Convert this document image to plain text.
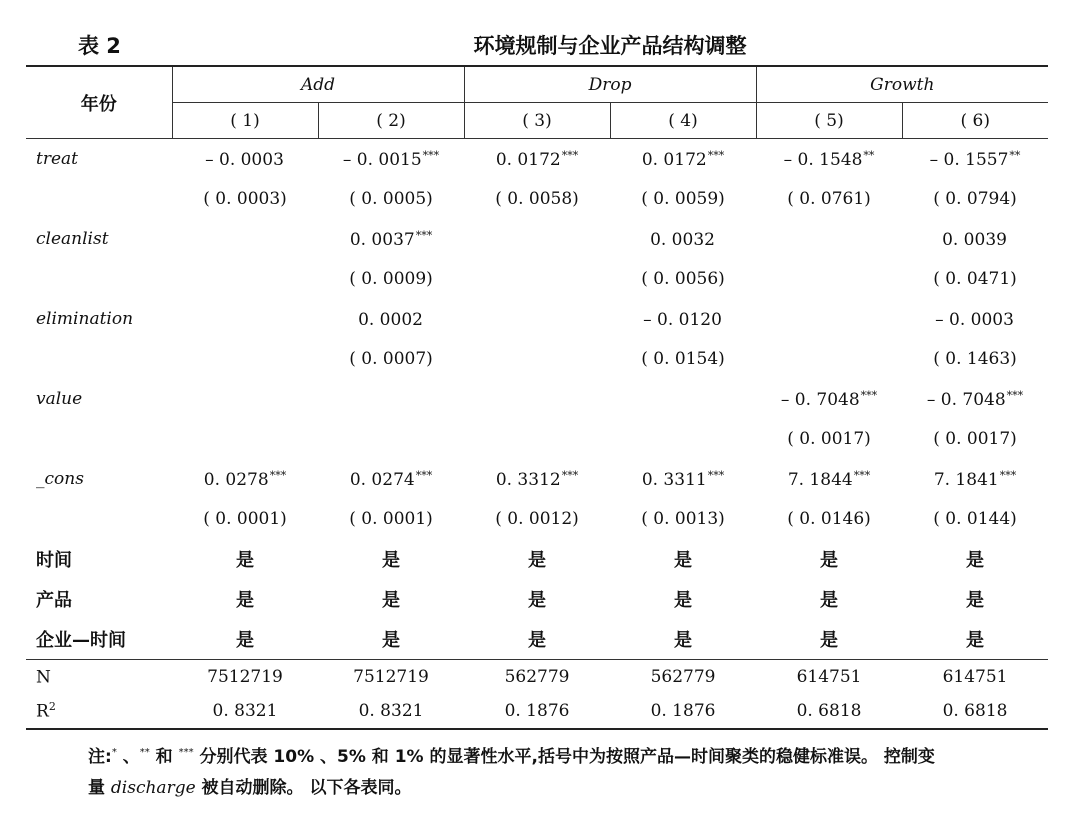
表 2	环境规制与企业产品结构调整
年份	Add		Drop		Growth	
	( 1)	( 2)	( 3)	( 4)	( 5)	( 6)
treat	– 0. 0003	– 0. 0015***	0. 0172***	0. 0172***	– 0. 1548**	– 0. 1557**
	( 0. 0003)	( 0. 0005)	( 0. 0058)	( 0. 0059)	( 0. 0761)	( 0. 0794)
cleanlist		0. 0037***		0. 0032		0. 0039
		( 0. 0009)		( 0. 0056)		( 0. 0471)
elimination		0. 0002		– 0. 0120		– 0. 0003
		( 0. 0007)		( 0. 0154)		( 0. 1463)
value					– 0. 7048***	– 0. 7048***
					( 0. 0017)	( 0. 0017)
_cons	0. 0278***	0. 0274***	0. 3312***	0. 3311***	7. 1844***	7. 1841***
	( 0. 0001)	( 0. 0001)	( 0. 0012)	( 0. 0013)	( 0. 0146)	( 0. 0144)
时间	是	是	是	是	是	是
产品	是	是	是	是	是	是
企业—时间	是	是	是	是	是	是
N	7512719	7512719	562779	562779	614751	614751
$R^2$	0. 8321	0. 8321	0. 1876	0. 1876	0. 6818	0. 6818
注:* 、** 和 *** 分别代表 10% 、5% 和 1% 的显著性水平,括号中为按照产品—时间聚类的稳健标准误。 控制变
量 discharge 被自动删除。 以下各表同。
